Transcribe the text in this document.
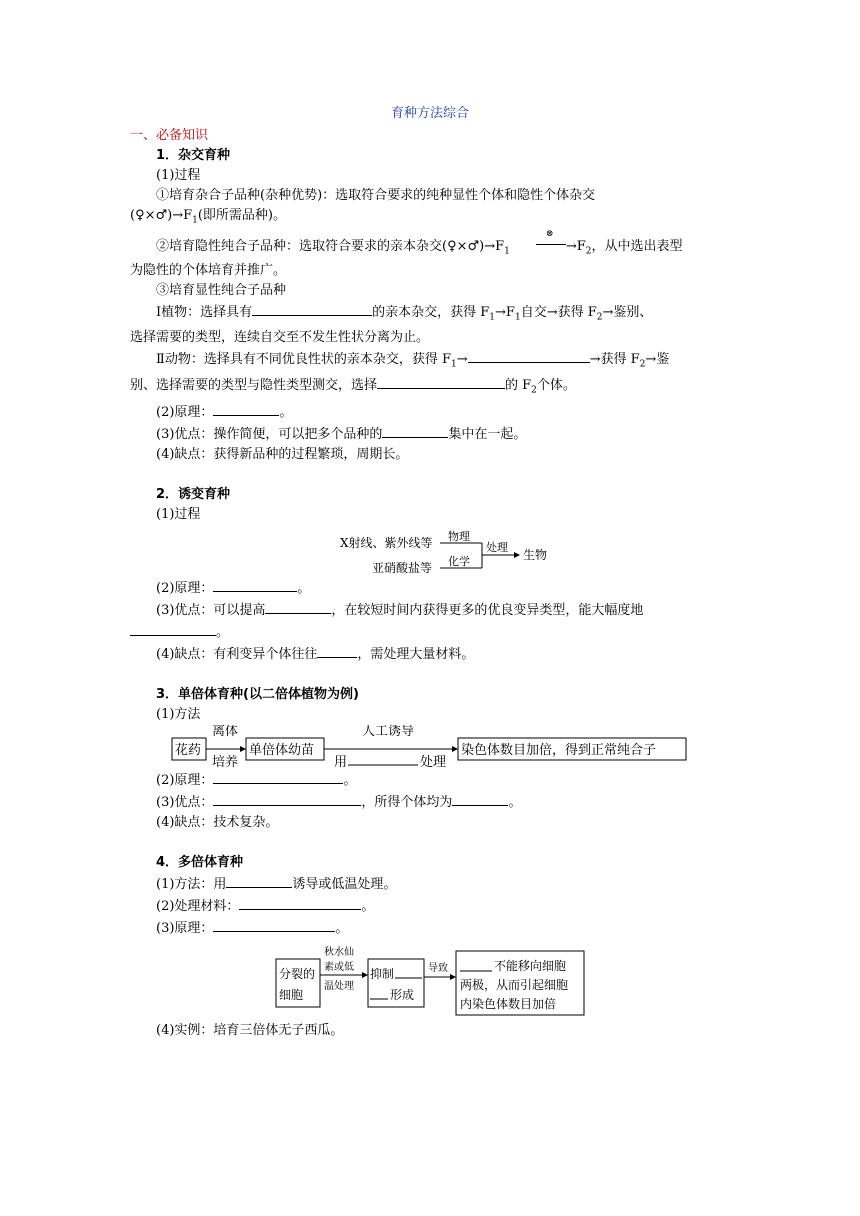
育种方法综合

一、必备知识

1．杂交育种

(1)过程

①培育杂合子品种(杂种优势)：选取符合要求的纯种显性个体和隐性个体杂交

$(♀\times♂)\to F_1$(即所需品种)。

②培育隐性纯合子品种：选取符合要求的亲本杂交$(♀\times♂)\to F_1$
⊗
$\to F_2$，从中选出表型

为隐性的个体培育并推广。

③培育显性纯合子品种

Ⅰ植物：选择具有	的亲本杂交，获得 $F_1\to F_1$自交→获得 $F_2\to$鉴别、

选择需要的类型，连续自交至不发生性状分离为止。

Ⅱ动物：选择具有不同优良性状的亲本杂交，获得 $F_1\to$	→获得 $F_2\to$鉴

别、选择需要的类型与隐性类型测交，选择	的 $F_2$个体。

(2)原理：	。

(3)优点：操作简便，可以把多个品种的	集中在一起。

(4)缺点：获得新品种的过程繁琐，周期长。

2．诱变育种

(1)过程

X射线、紫外线等
亚硝酸盐等
物理
化学
处理
生物

(2)原理：	。

(3)优点：可以提高	，在较短时间内获得更多的优良变异类型，能大幅度地

。

(4)缺点：有利变异个体往往	，需处理大量材料。

3．单倍体育种(以二倍体植物为例)

(1)方法

花药
离体
培养
单倍体幼苗
人工诱导
用	处理
染色体数目加倍，得到正常纯合子

(2)原理：	。

(3)优点：	，所得个体均为	。

(4)缺点：技术复杂。

4．多倍体育种

(1)方法：用	诱导或低温处理。

(2)处理材料：	。

(3)原理：	。

分裂的
细胞
秋水仙
素或低
温处理
抑制
形成
导致	不能移向细胞
两极，从而引起细胞
内染色体数目加倍

(4)实例：培育三倍体无子西瓜。
